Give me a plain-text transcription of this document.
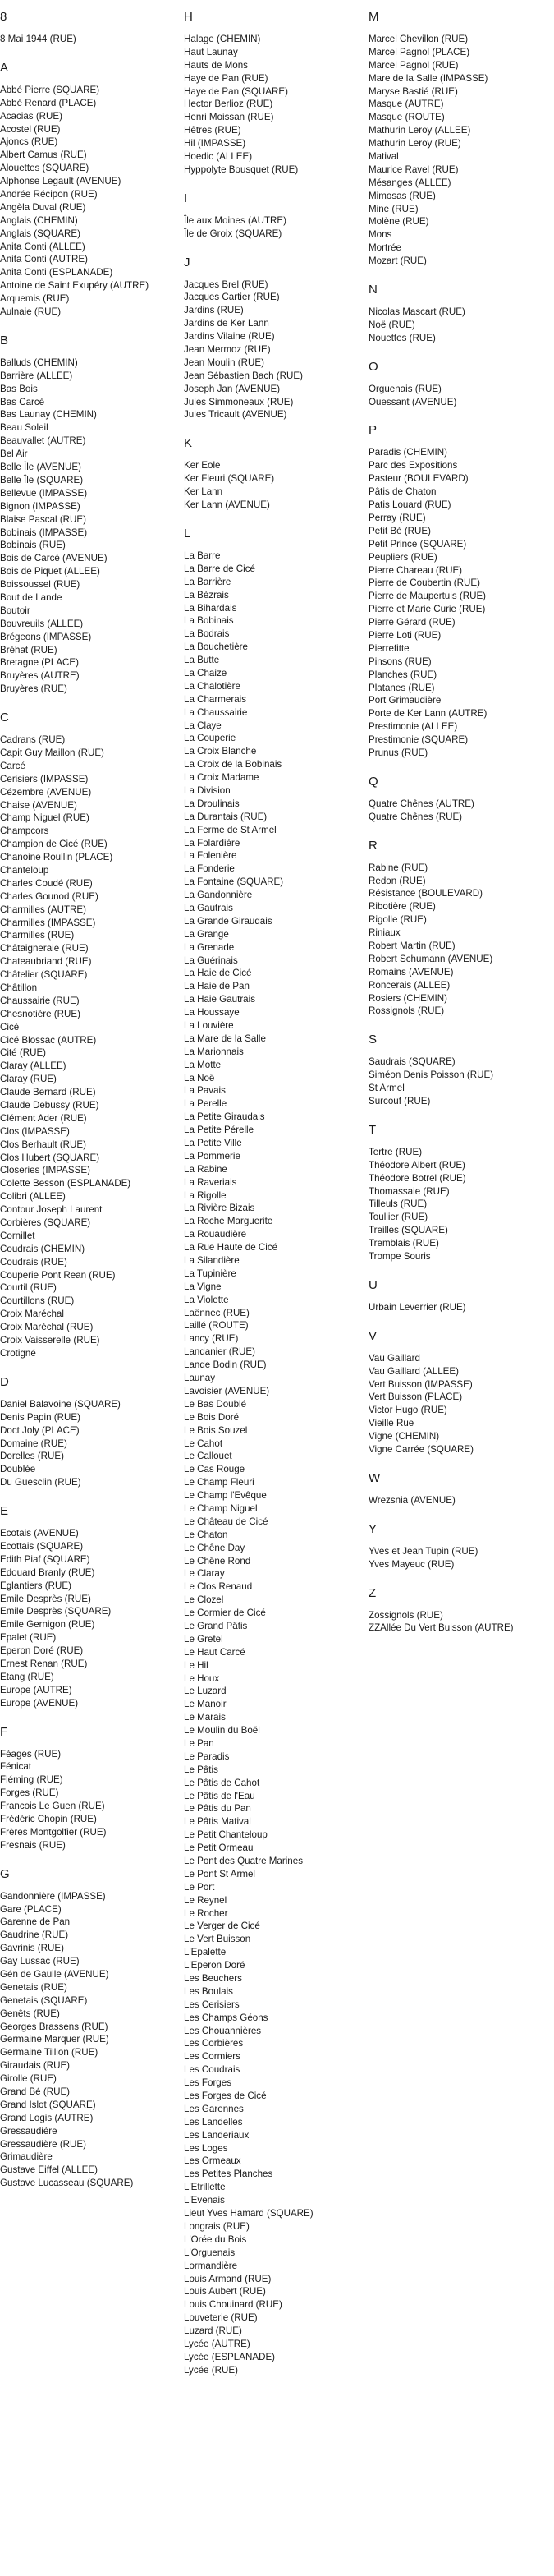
8
8 Mai 1944 (RUE)
A
Abbé Pierre (SQUARE)
Abbé Renard (PLACE)
Acacias (RUE)
Acostel (RUE)
Ajoncs (RUE)
Albert Camus (RUE)
Alouettes (SQUARE)
Alphonse Legault (AVENUE)
Andrée Récipon (RUE)
Angèla Duval (RUE)
Anglais (CHEMIN)
Anglais (SQUARE)
Anita Conti (ALLEE)
Anita Conti (AUTRE)
Anita Conti (ESPLANADE)
Antoine de Saint Exupéry (AUTRE)
Arquemis (RUE)
Aulnaie (RUE)
B
Balluds (CHEMIN)
Barrière (ALLEE)
Bas Bois
Bas Carcé
Bas Launay (CHEMIN)
Beau Soleil
Beauvallet (AUTRE)
Bel Air
Belle Île (AVENUE)
Belle Île (SQUARE)
Bellevue (IMPASSE)
Bignon (IMPASSE)
Blaise Pascal (RUE)
Bobinais (IMPASSE)
Bobinais (RUE)
Bois de Carcé (AVENUE)
Bois de Piquet (ALLEE)
Boissoussel (RUE)
Bout de Lande
Boutoir
Bouvreuils (ALLEE)
Brégeons (IMPASSE)
Bréhat (RUE)
Bretagne (PLACE)
Bruyères (AUTRE)
Bruyères (RUE)
C
Cadrans (RUE)
Capit Guy Maillon (RUE)
Carcé
Cerisiers (IMPASSE)
Cézembre (AVENUE)
Chaise (AVENUE)
Champ Niguel (RUE)
Champcors
Champion de Cicé (RUE)
Chanoine Roullin (PLACE)
Chanteloup
Charles Coudé (RUE)
Charles Gounod (RUE)
Charmilles (AUTRE)
Charmilles (IMPASSE)
Charmilles (RUE)
Châtaigneraie (RUE)
Chateaubriand (RUE)
Châtelier (SQUARE)
Châtillon
Chaussairie (RUE)
Chesnotière (RUE)
Cicé
Cicé Blossac (AUTRE)
Cité (RUE)
Claray (ALLEE)
Claray (RUE)
Claude Bernard (RUE)
Claude Debussy (RUE)
Clément Ader (RUE)
Clos (IMPASSE)
Clos Berhault (RUE)
Clos Hubert (SQUARE)
Closeries (IMPASSE)
Colette Besson (ESPLANADE)
Colibri (ALLEE)
Contour Joseph Laurent
Corbières (SQUARE)
Cornillet
Coudrais (CHEMIN)
Coudrais (RUE)
Couperie Pont Rean (RUE)
Courtil (RUE)
Courtillons (RUE)
Croix Maréchal
Croix Maréchal (RUE)
Croix Vaisserelle (RUE)
Crotigné
D
Daniel Balavoine (SQUARE)
Denis Papin (RUE)
Doct Joly (PLACE)
Domaine (RUE)
Dorelles (RUE)
Doublée
Du Guesclin (RUE)
E
Ecotais (AVENUE)
Ecottais (SQUARE)
Edith Piaf (SQUARE)
Edouard Branly (RUE)
Eglantiers (RUE)
Emile Desprès (RUE)
Emile Desprès (SQUARE)
Emile Gernigon (RUE)
Epalet (RUE)
Eperon Doré (RUE)
Ernest Renan (RUE)
Etang (RUE)
Europe (AUTRE)
Europe (AVENUE)
F
Féages (RUE)
Fénicat
Fléming (RUE)
Forges (RUE)
Francois Le Guen (RUE)
Frédéric Chopin (RUE)
Frères Montgolfier (RUE)
Fresnais (RUE)
G
Gandonnière (IMPASSE)
Gare (PLACE)
Garenne de Pan
Gaudrine (RUE)
Gavrinis (RUE)
Gay Lussac (RUE)
Gén de Gaulle (AVENUE)
Genetais (RUE)
Genetais (SQUARE)
Genêts (RUE)
Georges Brassens (RUE)
Germaine Marquer (RUE)
Germaine Tillion (RUE)
Giraudais (RUE)
Girolle (RUE)
Grand Bé (RUE)
Grand Islot (SQUARE)
Grand Logis (AUTRE)
Gressaudière
Gressaudière (RUE)
Grimaudière
Gustave Eiffel (ALLEE)
Gustave Lucasseau (SQUARE)
H
Halage (CHEMIN)
Haut Launay
Hauts de Mons
Haye de Pan (RUE)
Haye de Pan (SQUARE)
Hector Berlioz (RUE)
Henri Moissan (RUE)
Hêtres (RUE)
Hil (IMPASSE)
Hoedic (ALLEE)
Hyppolyte Bousquet (RUE)
I
Île aux Moines (AUTRE)
Île de Groix (SQUARE)
J
Jacques Brel (RUE)
Jacques Cartier (RUE)
Jardins (RUE)
Jardins de Ker Lann
Jardins Vilaine (RUE)
Jean Mermoz (RUE)
Jean Moulin (RUE)
Jean Sébastien Bach (RUE)
Joseph Jan (AVENUE)
Jules Simmoneaux (RUE)
Jules Tricault (AVENUE)
K
Ker Eole
Ker Fleuri (SQUARE)
Ker Lann
Ker Lann (AVENUE)
L
La Barre
La Barre de Cicé
La Barrière
La Bézrais
La Bihardais
La Bobinais
La Bodrais
La Bouchetière
La Butte
La Chaize
La Chalotière
La Charmerais
La Chaussairie
La Claye
La Couperie
La Croix Blanche
La Croix de la Bobinais
La Croix Madame
La Division
La Droulinais
La Durantais (RUE)
La Ferme de St Armel
La Folardière
La Folenière
La Fonderie
La Fontaine (SQUARE)
La Gandonnière
La Gautrais
La Grande Giraudais
La Grange
La Grenade
La Guérinais
La Haie de Cicé
La Haie de Pan
La Haie Gautrais
La Houssaye
La Louvière
La Mare de la Salle
La Marionnais
La Motte
La Noë
La Pavais
La Perelle
La Petite Giraudais
La Petite Pérelle
La Petite Ville
La Pommerie
La Rabine
La Raveriais
La Rigolle
La Rivière Bizais
La Roche Marguerite
La Rouaudière
La Rue Haute de Cicé
La Silandière
La Tupinière
La Vigne
La Violette
Laënnec (RUE)
Laillé (ROUTE)
Lancy (RUE)
Landanier (RUE)
Lande Bodin (RUE)
Launay
Lavoisier (AVENUE)
Le Bas Doublé
Le Bois Doré
Le Bois Souzel
Le Cahot
Le Callouet
Le Cas Rouge
Le Champ Fleuri
Le Champ l'Evêque
Le Champ Niguel
Le Château de Cicé
Le Chaton
Le Chêne Day
Le Chêne Rond
Le Claray
Le Clos Renaud
Le Clozel
Le Cormier de Cicé
Le Grand Pâtis
Le Gretel
Le Haut Carcé
Le Hil
Le Houx
Le Luzard
Le Manoir
Le Marais
Le Moulin du Boël
Le Pan
Le Paradis
Le Pâtis
Le Pâtis de Cahot
Le Pâtis de l'Eau
Le Pâtis du Pan
Le Pâtis Matival
Le Petit Chanteloup
Le Petit Ormeau
Le Pont des Quatre Marines
Le Pont St Armel
Le Port
Le Reynel
Le Rocher
Le Verger de Cicé
Le Vert Buisson
L'Epalette
L'Eperon Doré
Les Beuchers
Les Boulais
Les Cerisiers
Les Champs Géons
Les Chouannières
Les Corbières
Les Cormiers
Les Coudrais
Les Forges
Les Forges de Cicé
Les Garennes
Les Landelles
Les Landeriaux
Les Loges
Les Ormeaux
Les Petites Planches
L'Etrillette
L'Evenais
Lieut Yves Hamard (SQUARE)
Longrais (RUE)
L'Orée du Bois
L'Orguenais
Lormandière
Louis Armand (RUE)
Louis Aubert (RUE)
Louis Chouinard (RUE)
Louveterie (RUE)
Luzard (RUE)
Lycée (AUTRE)
Lycée (ESPLANADE)
Lycée (RUE)
M
Marcel Chevillon (RUE)
Marcel Pagnol (PLACE)
Marcel Pagnol (RUE)
Mare de la Salle (IMPASSE)
Maryse Bastié (RUE)
Masque (AUTRE)
Masque (ROUTE)
Mathurin Leroy (ALLEE)
Mathurin Leroy (RUE)
Matival
Maurice Ravel (RUE)
Mésanges (ALLEE)
Mimosas (RUE)
Mine (RUE)
Molène (RUE)
Mons
Mortrée
Mozart (RUE)
N
Nicolas Mascart (RUE)
Noë (RUE)
Nouettes (RUE)
O
Orguenais (RUE)
Ouessant (AVENUE)
P
Paradis (CHEMIN)
Parc des Expositions
Pasteur (BOULEVARD)
Pâtis de Chaton
Patis Louard (RUE)
Perray (RUE)
Petit Bé (RUE)
Petit Prince (SQUARE)
Peupliers (RUE)
Pierre Chareau (RUE)
Pierre de Coubertin (RUE)
Pierre de Maupertuis (RUE)
Pierre et Marie Curie (RUE)
Pierre Gérard (RUE)
Pierre Loti (RUE)
Pierrefitte
Pinsons (RUE)
Planches (RUE)
Platanes (RUE)
Port Grimaudière
Porte de Ker Lann (AUTRE)
Prestimonie (ALLEE)
Prestimonie (SQUARE)
Prunus (RUE)
Q
Quatre Chênes (AUTRE)
Quatre Chênes (RUE)
R
Rabine (RUE)
Redon (RUE)
Résistance (BOULEVARD)
Ribotière (RUE)
Rigolle (RUE)
Riniaux
Robert Martin (RUE)
Robert Schumann (AVENUE)
Romains (AVENUE)
Roncerais (ALLEE)
Rosiers (CHEMIN)
Rossignols (RUE)
S
Saudrais (SQUARE)
Siméon Denis Poisson (RUE)
St Armel
Surcouf (RUE)
T
Tertre (RUE)
Théodore Albert (RUE)
Théodore Botrel (RUE)
Thomassaie (RUE)
Tilleuls (RUE)
Toullier (RUE)
Treilles (SQUARE)
Tremblais (RUE)
Trompe Souris
U
Urbain Leverrier (RUE)
V
Vau Gaillard
Vau Gaillard (ALLEE)
Vert Buisson (IMPASSE)
Vert Buisson (PLACE)
Victor Hugo (RUE)
Vieille Rue
Vigne (CHEMIN)
Vigne Carrée (SQUARE)
W
Wrezsnia (AVENUE)
Y
Yves et Jean Tupin (RUE)
Yves Mayeuc (RUE)
Z
Zossignols (RUE)
ZZAllée Du Vert Buisson (AUTRE)
